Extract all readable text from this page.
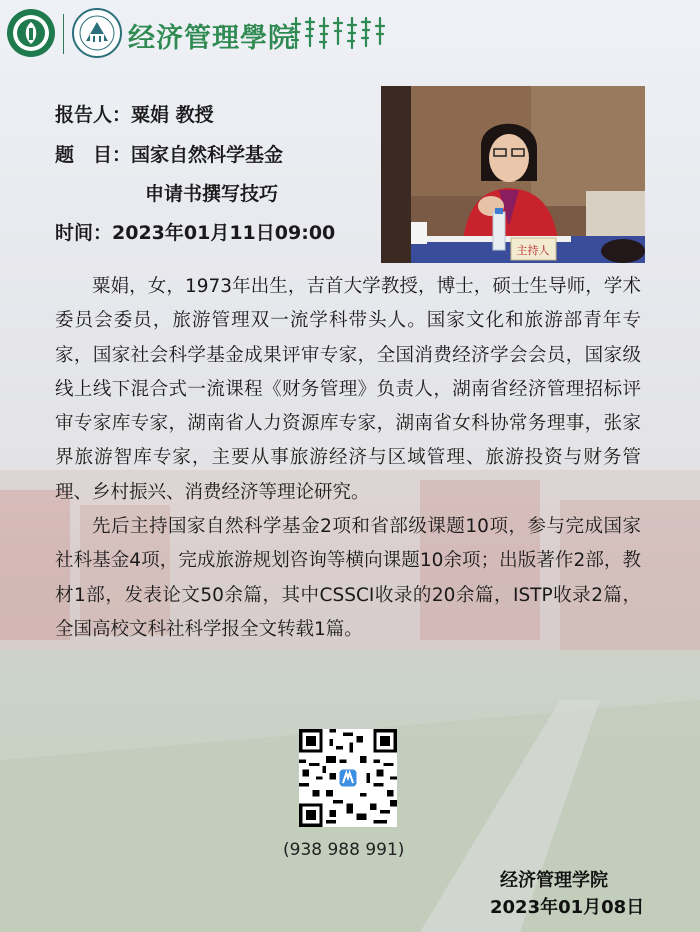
经济管理學院
报告人：粟娟 教授
题　目：国家自然科学基金
申请书撰写技巧
时间：2023年01月11日09:00
主持人

粟娟，女，1973年出生，吉首大学教授，博士，硕士生导师，学术委员会委员，旅游管理双一流学科带头人。国家文化和旅游部青年专家，国家社会科学基金成果评审专家，全国消费经济学会会员，国家级线上线下混合式一流课程《财务管理》负责人，湖南省经济管理招标评审专家库专家，湖南省人力资源库专家，湖南省女科协常务理事，张家界旅游智库专家，主要从事旅游经济与区域管理、旅游投资与财务管理、乡村振兴、消费经济等理论研究。

先后主持国家自然科学基金2项和省部级课题10项，参与完成国家社科基金4项，完成旅游规划咨询等横向课题10余项；出版著作2部，教材1部，发表论文50余篇，其中CSSCI收录的20余篇，ISTP收录2篇，全国高校文科社科学报全文转载1篇。

(938 988 991)
经济管理学院
2023年01月08日
